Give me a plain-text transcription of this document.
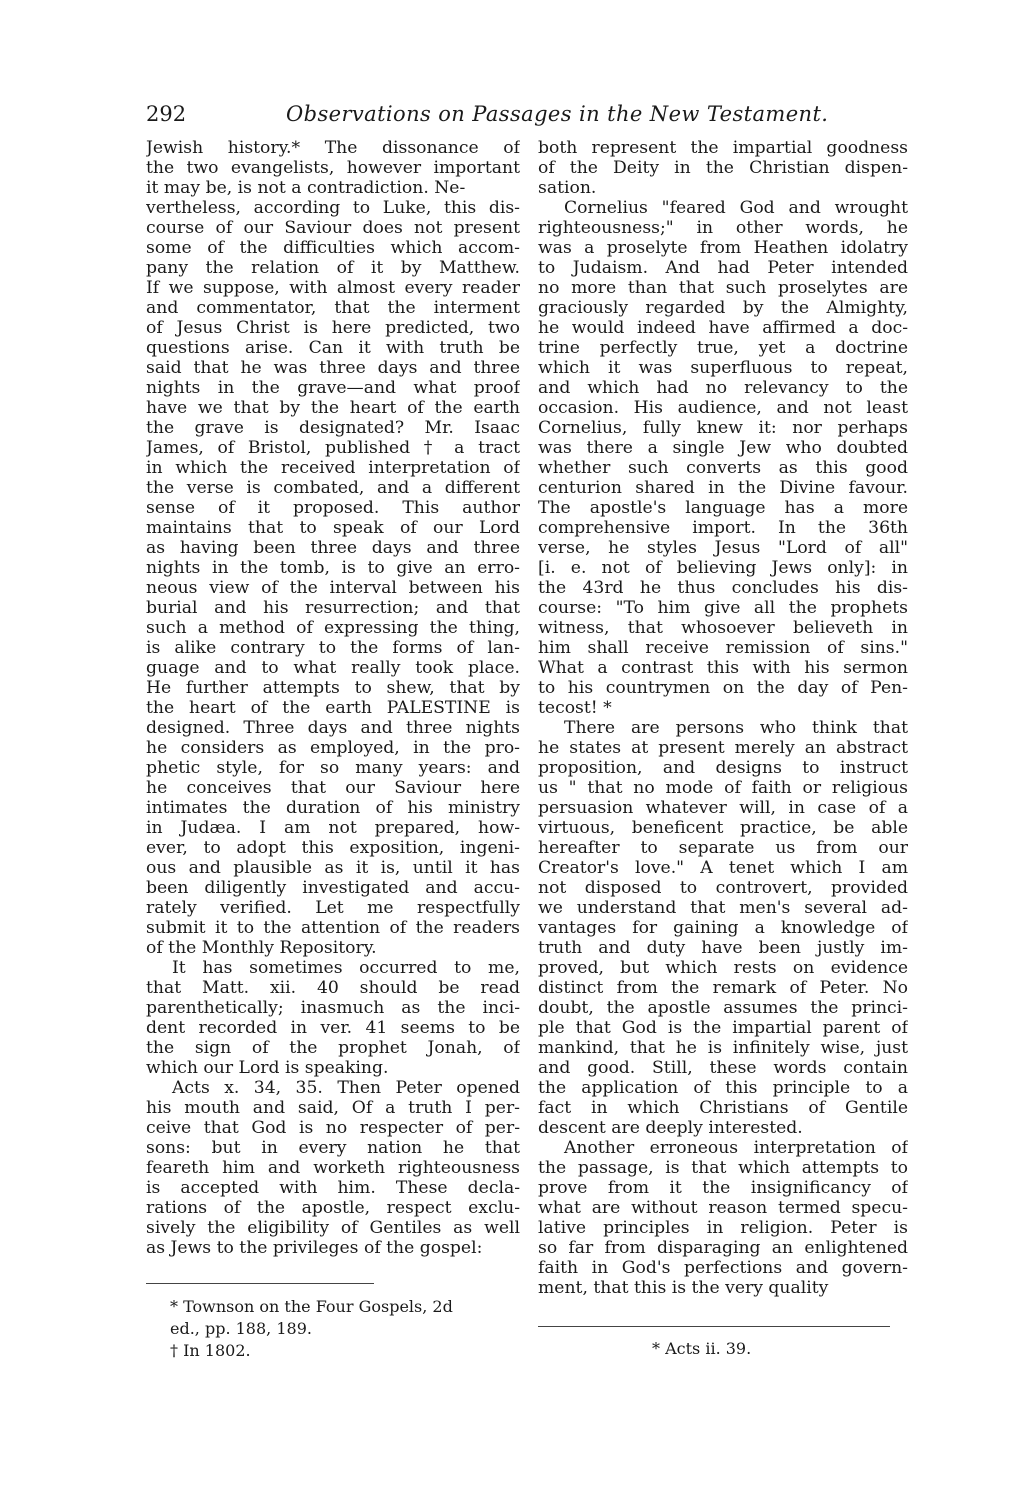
292	Observations on Passages in the New Testament.
Jewish history.* The dissonance of
the two evangelists, however important
it may be, is not a contradiction. Ne-
vertheless, according to Luke, this dis-
course of our Saviour does not present
some of the difficulties which accom-
pany the relation of it by Matthew.
If we suppose, with almost every reader
and commentator, that the interment
of Jesus Christ is here predicted, two
questions arise. Can it with truth be
said that he was three days and three
nights in the grave—and what proof
have we that by the heart of the earth
the grave is designated? Mr. Isaac
James, of Bristol, published † a tract
in which the received interpretation of
the verse is combated, and a different
sense of it proposed. This author
maintains that to speak of our Lord
as having been three days and three
nights in the tomb, is to give an erro-
neous view of the interval between his
burial and his resurrection; and that
such a method of expressing the thing,
is alike contrary to the forms of lan-
guage and to what really took place.
He further attempts to shew, that by
the heart of the earth PALESTINE is
designed. Three days and three nights
he considers as employed, in the pro-
phetic style, for so many years: and
he conceives that our Saviour here
intimates the duration of his ministry
in Judæa. I am not prepared, how-
ever, to adopt this exposition, ingeni-
ous and plausible as it is, until it has
been diligently investigated and accu-
rately verified. Let me respectfully
submit it to the attention of the readers
of the Monthly Repository.
It has sometimes occurred to me,
that Matt. xii. 40 should be read
parenthetically; inasmuch as the inci-
dent recorded in ver. 41 seems to be
the sign of the prophet Jonah, of
which our Lord is speaking.
Acts x. 34, 35. Then Peter opened
his mouth and said, Of a truth I per-
ceive that God is no respecter of per-
sons: but in every nation he that
feareth him and worketh righteousness
is accepted with him. These decla-
rations of the apostle, respect exclu-
sively the eligibility of Gentiles as well
as Jews to the privileges of the gospel:
both represent the impartial goodness
of the Deity in the Christian dispen-
sation.
Cornelius "feared God and wrought
righteousness;" in other words, he
was a proselyte from Heathen idolatry
to Judaism. And had Peter intended
no more than that such proselytes are
graciously regarded by the Almighty,
he would indeed have affirmed a doc-
trine perfectly true, yet a doctrine
which it was superfluous to repeat,
and which had no relevancy to the
occasion. His audience, and not least
Cornelius, fully knew it: nor perhaps
was there a single Jew who doubted
whether such converts as this good
centurion shared in the Divine favour.
The apostle's language has a more
comprehensive import. In the 36th
verse, he styles Jesus "Lord of all"
[i. e. not of believing Jews only]: in
the 43rd he thus concludes his dis-
course: "To him give all the prophets
witness, that whosoever believeth in
him shall receive remission of sins."
What a contrast this with his sermon
to his countrymen on the day of Pen-
tecost! *
There are persons who think that
he states at present merely an abstract
proposition, and designs to instruct
us " that no mode of faith or religious
persuasion whatever will, in case of a
virtuous, beneficent practice, be able
hereafter to separate us from our
Creator's love." A tenet which I am
not disposed to controvert, provided
we understand that men's several ad-
vantages for gaining a knowledge of
truth and duty have been justly im-
proved, but which rests on evidence
distinct from the remark of Peter. No
doubt, the apostle assumes the princi-
ple that God is the impartial parent of
mankind, that he is infinitely wise, just
and good. Still, these words contain
the application of this principle to a
fact in which Christians of Gentile
descent are deeply interested.
Another erroneous interpretation of
the passage, is that which attempts to
prove from it the insignificancy of
what are without reason termed specu-
lative principles in religion. Peter is
so far from disparaging an enlightened
faith in God's perfections and govern-
ment, that this is the very quality
* Townson on the Four Gospels, 2d
ed., pp. 188, 189.
† In 1802.	* Acts ii. 39.
